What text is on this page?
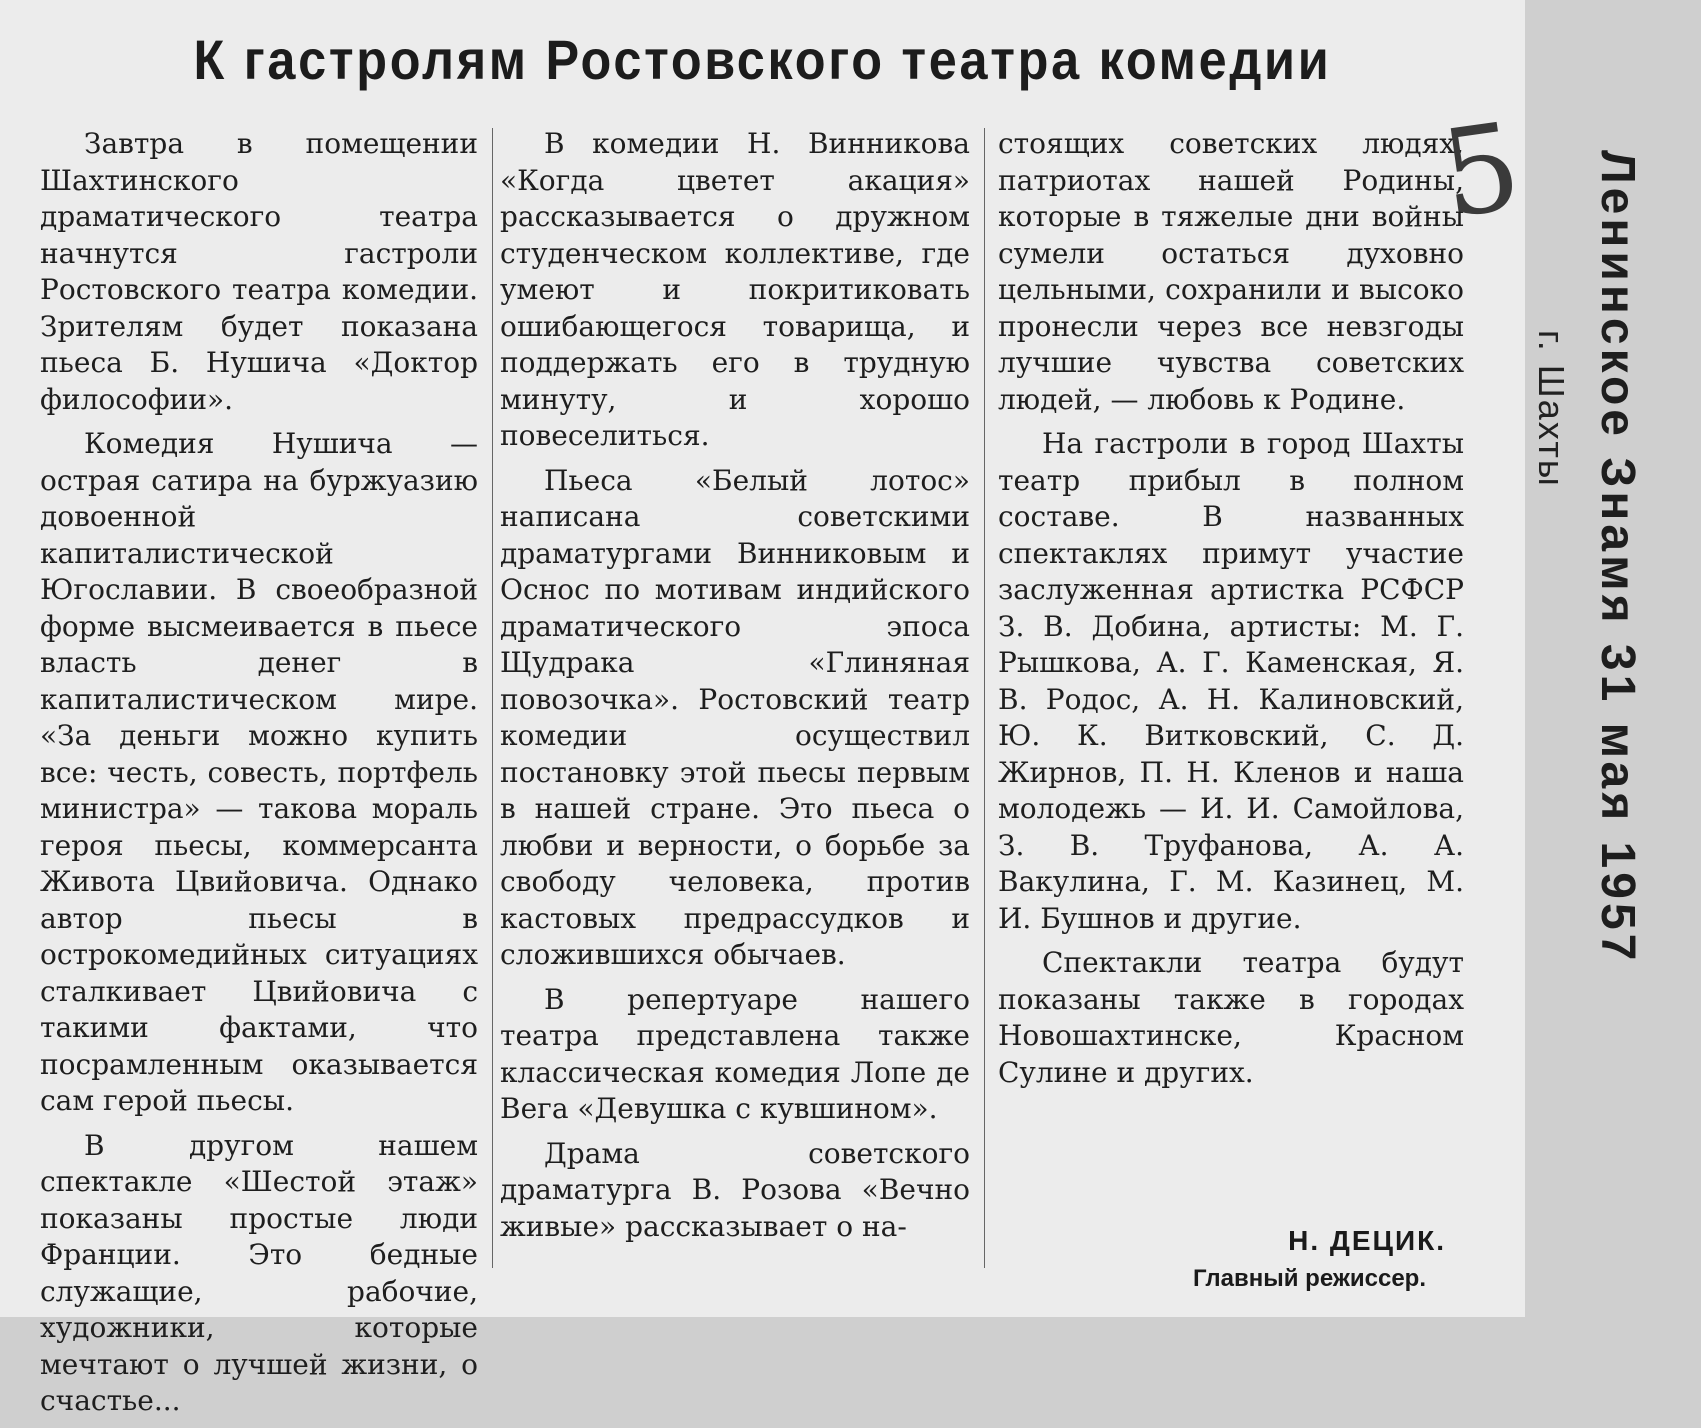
К гастролям Ростовского театра комедии

Завтра в помещении Шахтинского драматического театра начнутся гастроли Ростовского театра комедии. Зрителям будет показана пьеса Б. Нушича «Доктор философии».

Комедия Нушича — острая сатира на буржуазию довоенной капиталистической Югославии. В своеобразной форме высмеивается в пьесе власть денег в капиталистическом мире. «За деньги можно купить все: честь, совесть, портфель министра» — такова мораль героя пьесы, коммерсанта Живота Цвийовича. Однако автор пьесы в острокомедийных ситуациях сталкивает Цвийовича с такими фактами, что посрамленным оказывается сам герой пьесы.

В другом нашем спектакле «Шестой этаж» показаны простые люди Франции. Это бедные служащие, рабочие, художники, которые мечтают о лучшей жизни, о счастье...

В комедии Н. Винникова «Когда цветет акация» рассказывается о дружном студенческом коллективе, где умеют и покритиковать ошибающегося товарища, и поддержать его в трудную минуту, и хорошо повеселиться.

Пьеса «Белый лотос» написана советскими драматургами Винниковым и Оснос по мотивам индийского драматического эпоса Щудрака «Глиняная повозочка». Ростовский театр комедии осуществил постановку этой пьесы первым в нашей стране. Это пьеса о любви и верности, о борьбе за свободу человека, против кастовых предрассудков и сложившихся обычаев.

В репертуаре нашего театра представлена также классическая комедия Лопе де Вега «Девушка с кувшином».

Драма советского драматурга В. Розова «Вечно живые» рассказывает о на-

стоящих советских людях, патриотах нашей Родины, которые в тяжелые дни войны сумели остаться духовно цельными, сохранили и высоко пронесли через все невзгоды лучшие чувства советских людей, — любовь к Родине.

На гастроли в город Шахты театр прибыл в полном составе. В названных спектаклях примут участие заслуженная артистка РСФСР З. В. Добина, артисты: М. Г. Рышкова, А. Г. Каменская, Я. В. Родос, А. Н. Калиновский, Ю. К. Витковский, С. Д. Жирнов, П. Н. Кленов и наша молодежь — И. И. Самойлова, З. В. Труфанова, А. А. Вакулина, Г. М. Казинец, М. И. Бушнов и другие.

Спектакли театра будут показаны также в городах Новошахтинске, Красном Сулине и других.

Н. ДЕЦИК.

Главный режиссер.

5 Ленинское Знамя 31 мая 1957
г. Шахты
